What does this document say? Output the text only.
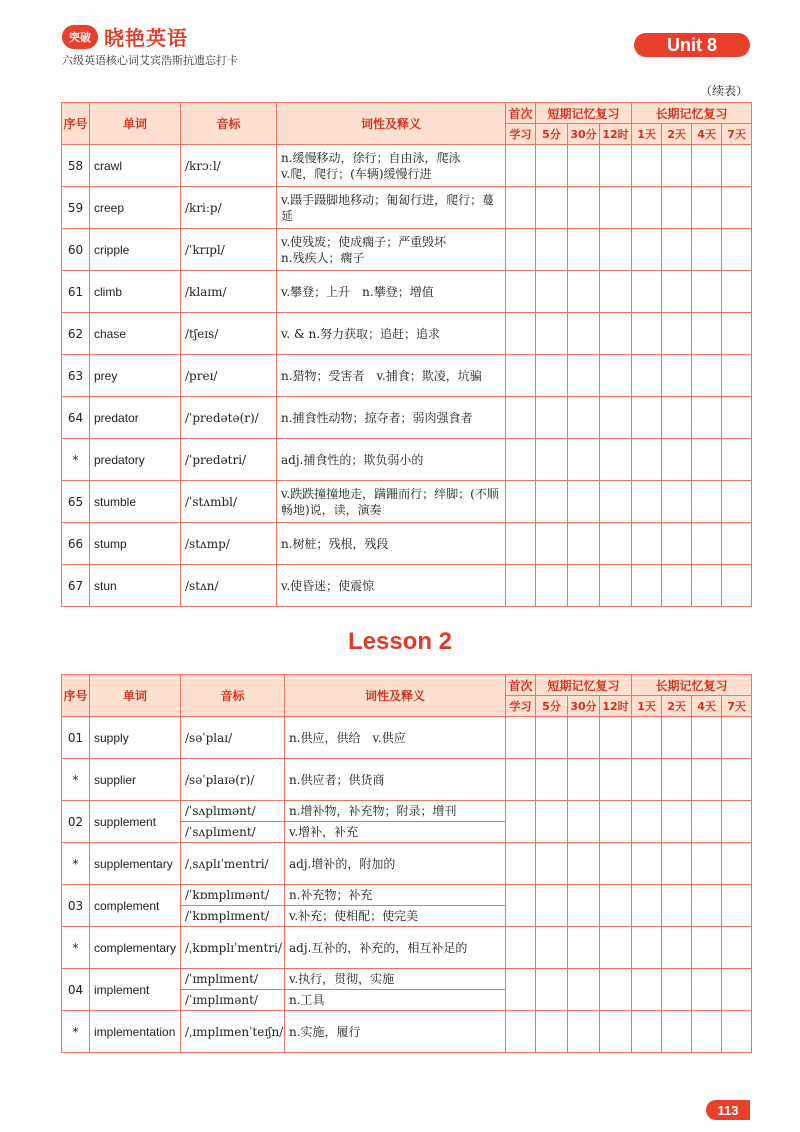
突破 晓艳英语
六级英语核心词艾宾浩斯抗遗忘打卡
Unit 8
（续表）
序号	单词	音标	词性及释义	首次	短期记忆复习			长期记忆复习			
				学习	5分	30分	12时	1天	2天	4天	7天
58	crawl	/krɔːl/	n.缓慢移动，徐行；自由泳，爬泳
v.爬，爬行；(车辆)缓慢行进								
59	creep	/kriːp/	v.蹑手蹑脚地移动；匍匐行进，爬行；蔓延								
60	cripple	/ˈkrɪpl/	v.使残废；使成瘸子；严重毁坏
n.残疾人；瘸子								
61	climb	/klaɪm/	v.攀登；上升　n.攀登；增值								
62	chase	/tʃeɪs/	v. & n.努力获取；追赶；追求								
63	prey	/preɪ/	n.猎物；受害者　v.捕食；欺凌，坑骗								
64	predator	/ˈpredətə(r)/	n.捕食性动物；掠夺者；弱肉强食者								
*	predatory	/ˈpredətri/	adj.捕食性的；欺负弱小的								
65	stumble	/ˈstʌmbl/	v.跌跌撞撞地走，蹒跚而行；绊脚；(不顺畅地)说，读，演奏								
66	stump	/stʌmp/	n.树桩；残根，残段								
67	stun	/stʌn/	v.使昏迷；使震惊								
Lesson 2
序号	单词	音标	词性及释义	首次	短期记忆复习			长期记忆复习			
				学习	5分	30分	12时	1天	2天	4天	7天
01	supply	/səˈplaɪ/	n.供应，供给　v.供应								
*	supplier	/səˈplaɪə(r)/	n.供应者；供货商								
02	supplement	/ˈsʌplɪmənt/	n.增补物，补充物；附录；增刊								
		/ˈsʌplɪment/	v.增补，补充								
*	supplementary	/ˌsʌplɪˈmentri/	adj.增补的，附加的								
03	complement	/ˈkɒmplɪmənt/	n.补充物；补充								
		/ˈkɒmplɪment/	v.补充；使相配；使完美								
*	complementary	/ˌkɒmplɪˈmentri/	adj.互补的，补充的，相互补足的								
04	implement	/ˈɪmplɪment/	v.执行，贯彻，实施								
		/ˈɪmplɪmənt/	n.工具								
*	implementation	/ˌɪmplɪmenˈteɪʃn/	n.实施，履行								
113
